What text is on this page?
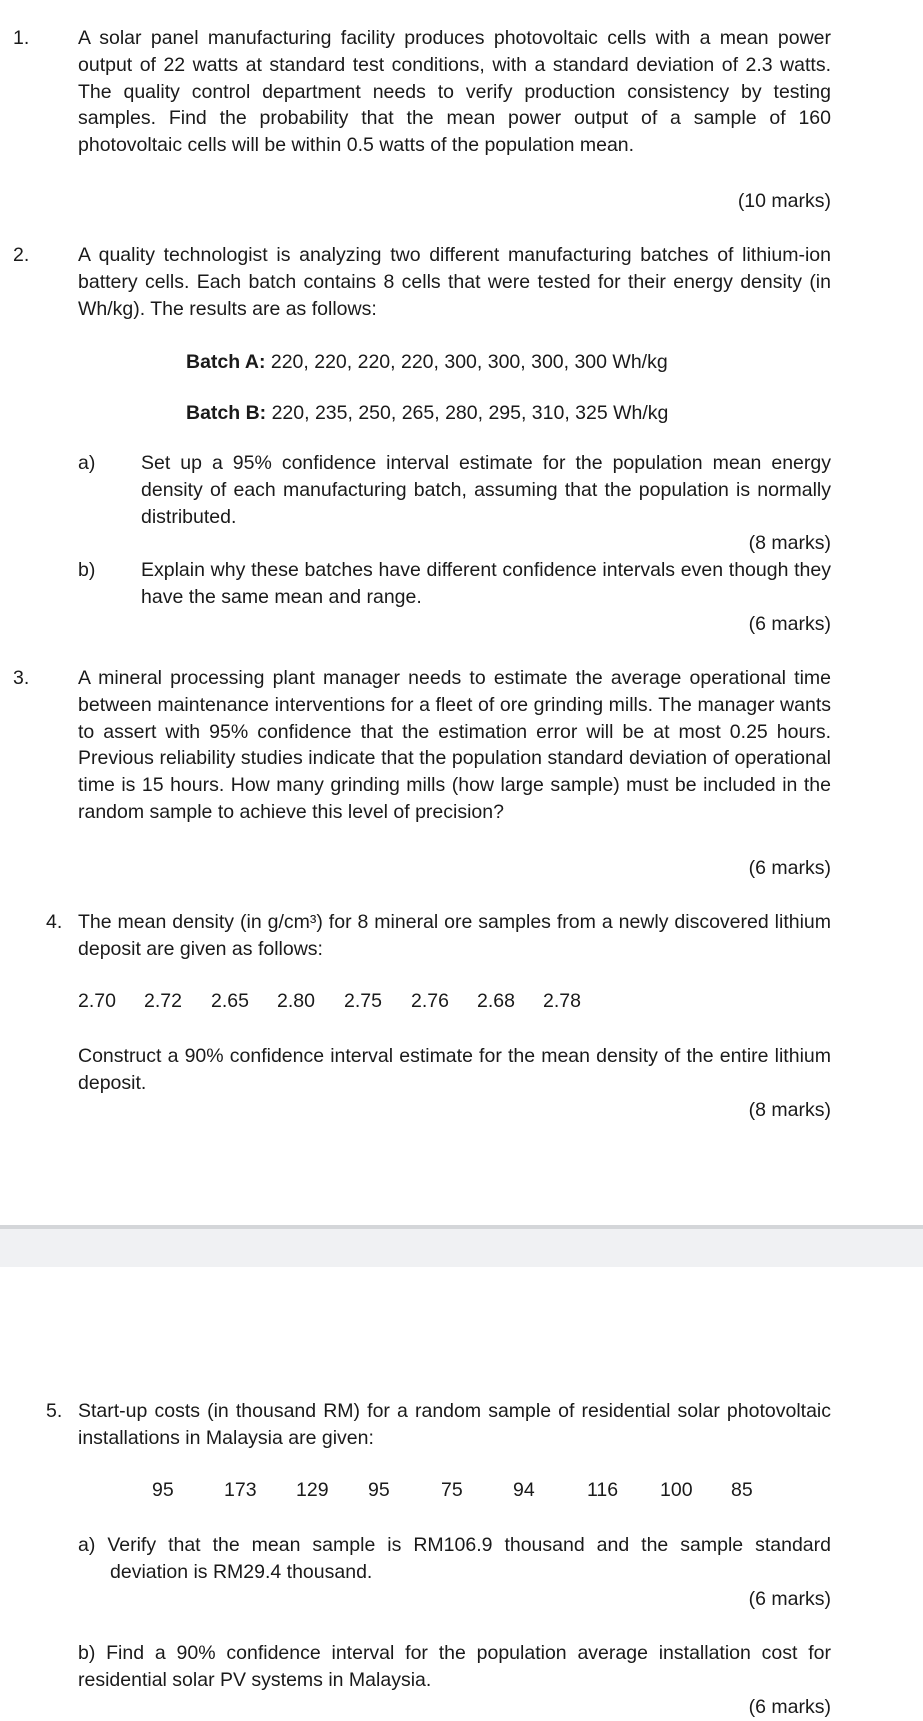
1. A solar panel manufacturing facility produces photovoltaic cells with a mean power output of 22 watts at standard test conditions, with a standard deviation of 2.3 watts. The quality control department needs to verify production consistency by testing samples. Find the probability that the mean power output of a sample of 160 photovoltaic cells will be within 0.5 watts of the population mean.
(10 marks)
2. A quality technologist is analyzing two different manufacturing batches of lithium-ion battery cells. Each batch contains 8 cells that were tested for their energy density (in Wh/kg). The results are as follows:
Batch A: 220, 220, 220, 220, 300, 300, 300, 300 Wh/kg
Batch B: 220, 235, 250, 265, 280, 295, 310, 325 Wh/kg
a) Set up a 95% confidence interval estimate for the population mean energy density of each manufacturing batch, assuming that the population is normally distributed.
(8 marks)
b) Explain why these batches have different confidence intervals even though they have the same mean and range.
(6 marks)
3. A mineral processing plant manager needs to estimate the average operational time between maintenance interventions for a fleet of ore grinding mills. The manager wants to assert with 95% confidence that the estimation error will be at most 0.25 hours. Previous reliability studies indicate that the population standard deviation of operational time is 15 hours. How many grinding mills (how large sample) must be included in the random sample to achieve this level of precision?
(6 marks)
4. The mean density (in g/cm³) for 8 mineral ore samples from a newly discovered lithium deposit are given as follows:
2.70 2.72 2.65 2.80 2.75 2.76 2.68 2.78
Construct a 90% confidence interval estimate for the mean density of the entire lithium deposit.
(8 marks)
5. Start-up costs (in thousand RM) for a random sample of residential solar photovoltaic installations in Malaysia are given:
95	173 129 95	75	94	116 100 85
a) Verify that the mean sample is RM106.9 thousand and the sample standard deviation is RM29.4 thousand.
(6 marks)
b) Find a 90% confidence interval for the population average installation cost for residential solar PV systems in Malaysia.
(6 marks)
